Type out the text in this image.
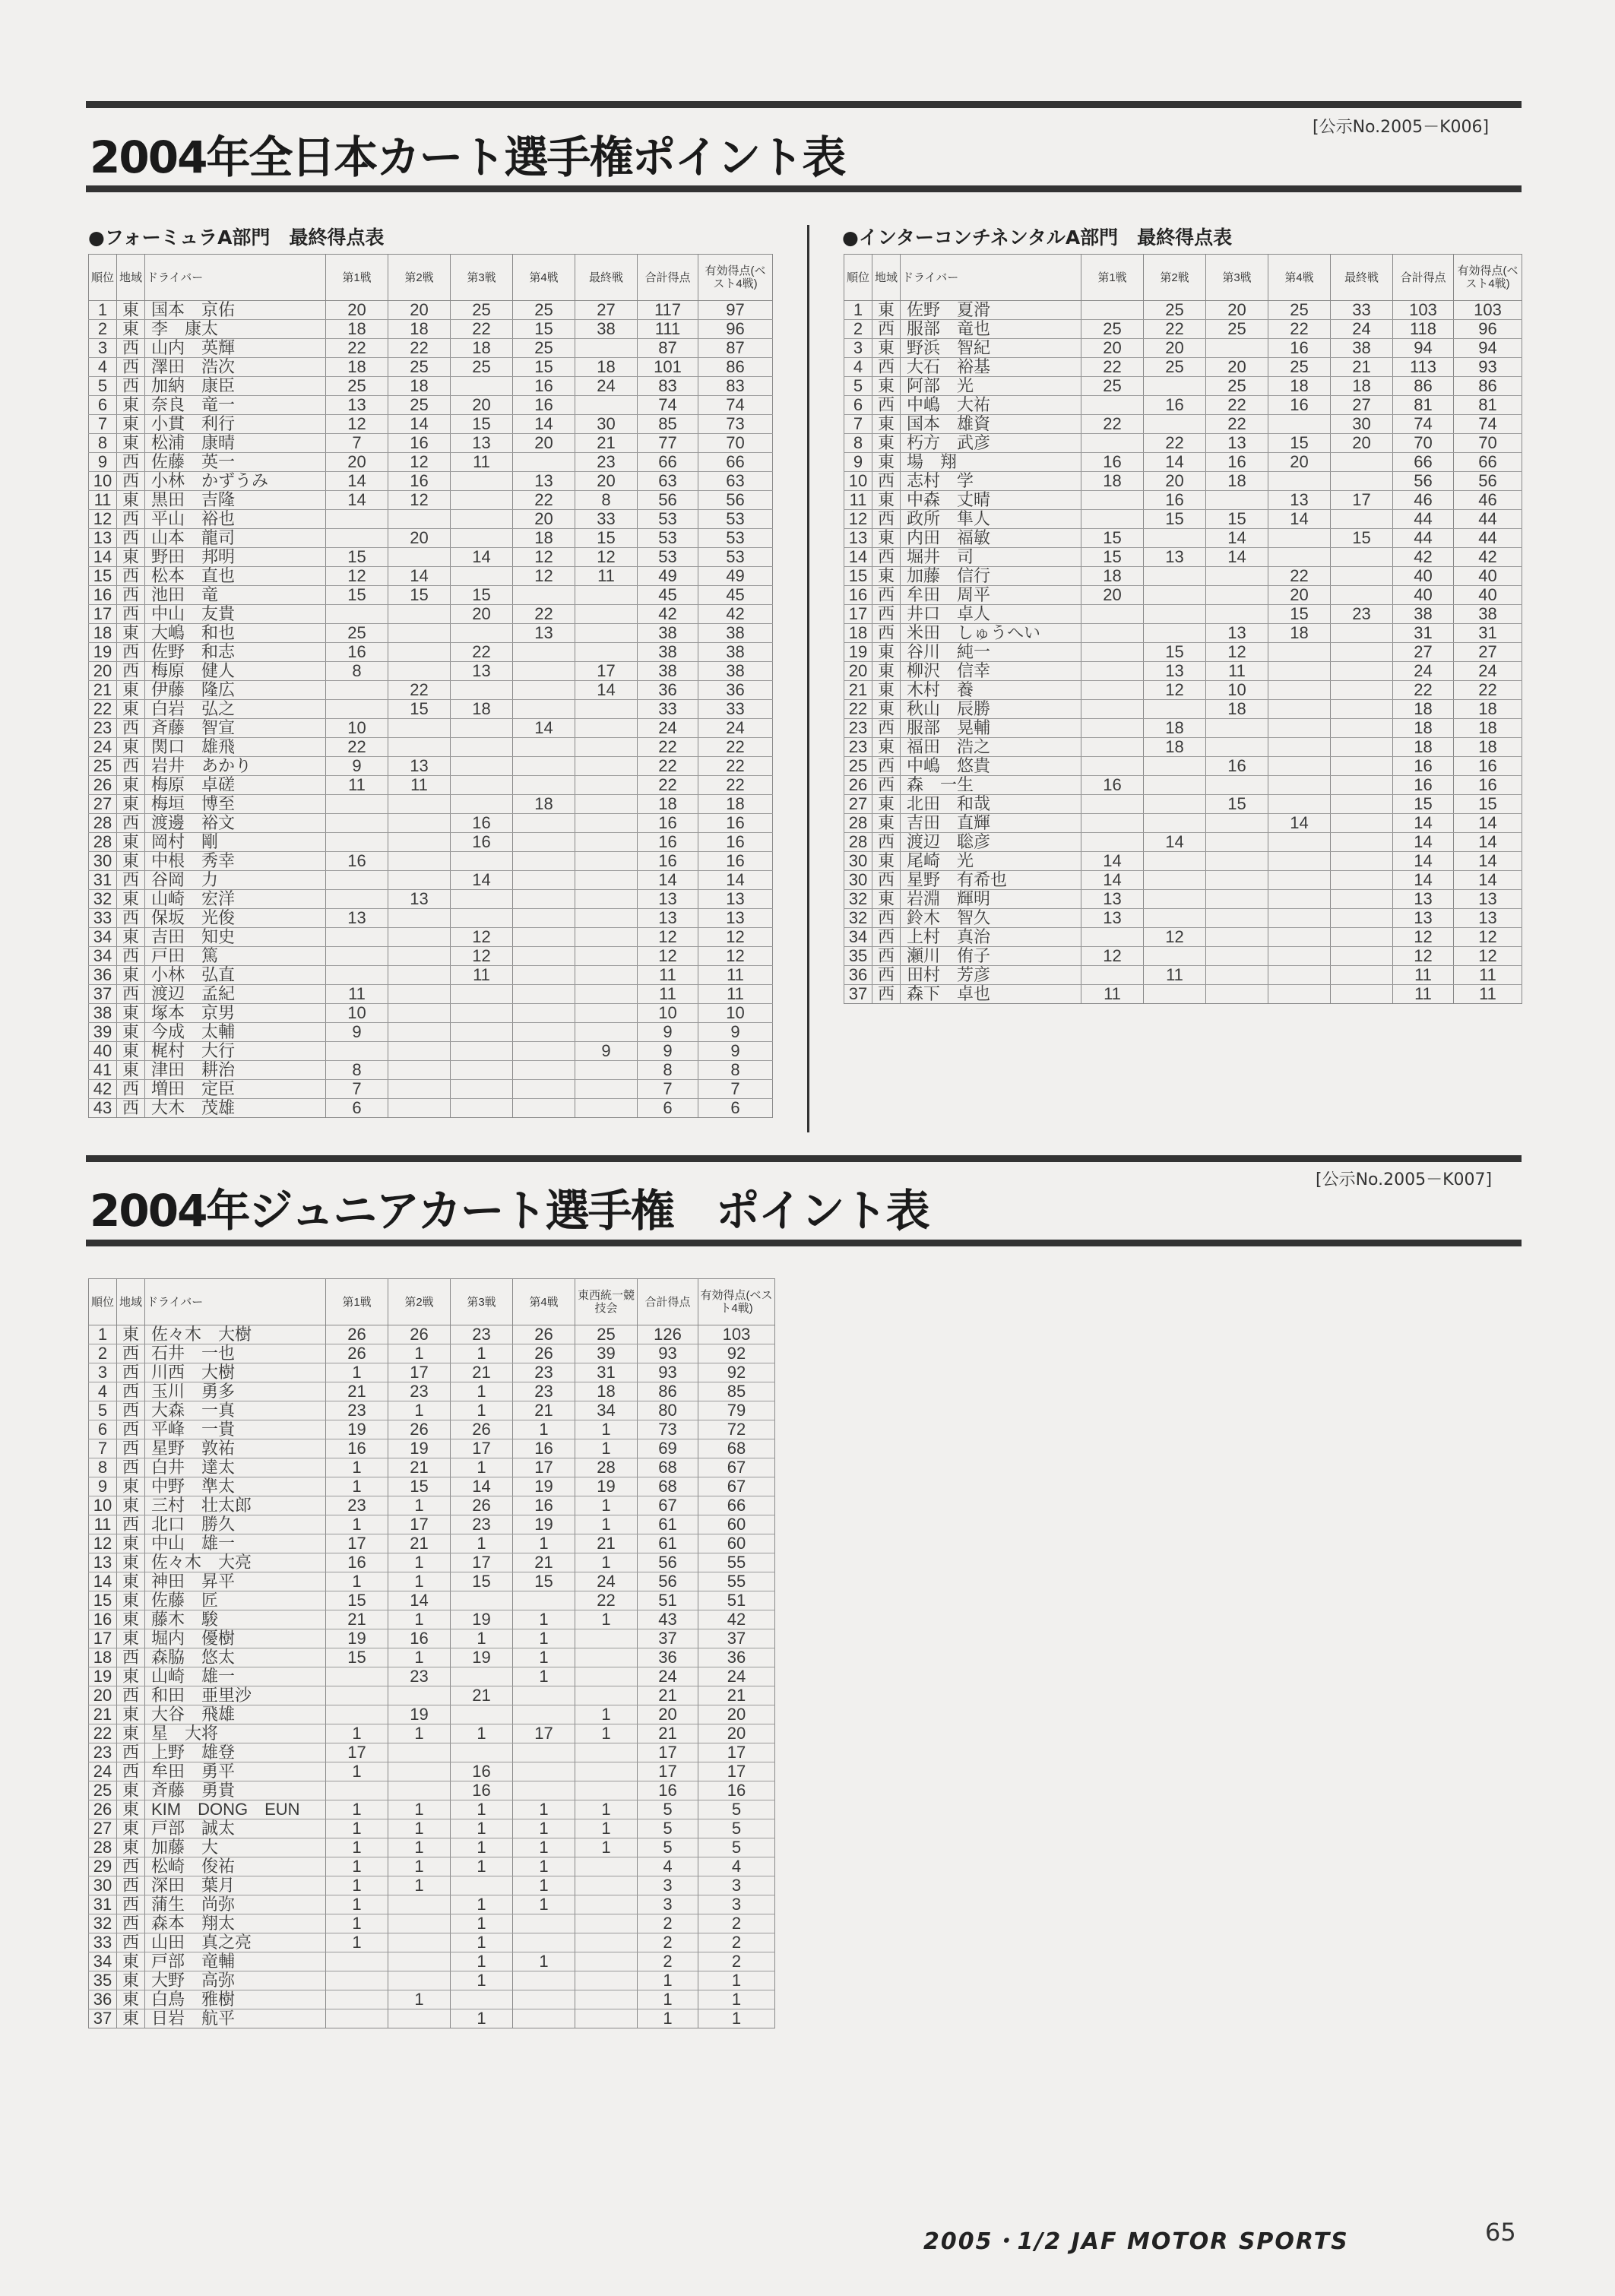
2004年全日本カート選手権ポイント表
[公示No.2005－K006]
●フォーミュラA部門　最終得点表	●インターコンチネンタルA部門　最終得点表
順位	地域	ドライバー	第1戦	第2戦	第3戦	第4戦	最終戦	合計得点	有効得点(ベスト4戦)
1	東	国本　京佑	20	20	25	25	27	117	97
2	東	李　康太	18	18	22	15	38	111	96
3	西	山内　英輝	22	22	18	25		87	87
4	西	澤田　浩次	18	25	25	15	18	101	86
5	西	加納　康臣	25	18		16	24	83	83
6	東	奈良　竜一	13	25	20	16		74	74
7	東	小貫　利行	12	14	15	14	30	85	73
8	東	松浦　康晴	7	16	13	20	21	77	70
9	西	佐藤　英一	20	12	11		23	66	66
10	西	小林　かずうみ	14	16		13	20	63	63
11	東	黒田　吉隆	14	12		22	8	56	56
12	西	平山　裕也				20	33	53	53
13	西	山本　龍司		20		18	15	53	53
14	東	野田　邦明	15		14	12	12	53	53
15	西	松本　直也	12	14		12	11	49	49
16	西	池田　竜	15	15	15			45	45
17	西	中山　友貴			20	22		42	42
18	東	大嶋　和也	25			13		38	38
19	西	佐野　和志	16		22			38	38
20	西	梅原　健人	8		13		17	38	38
21	東	伊藤　隆広		22			14	36	36
22	東	白岩　弘之		15	18			33	33
23	西	斉藤　智宣	10			14		24	24
24	東	関口　雄飛	22					22	22
25	西	岩井　あかり	9	13				22	22
26	東	梅原　卓磋	11	11				22	22
27	東	梅垣　博至				18		18	18
28	西	渡邊　裕文			16			16	16
28	東	岡村　剛			16			16	16
30	東	中根　秀幸	16					16	16
31	西	谷岡　力			14			14	14
32	東	山崎　宏洋		13				13	13
33	西	保坂　光俊	13					13	13
34	東	吉田　知史			12			12	12
34	西	戸田　篤			12			12	12
36	東	小林　弘直			11			11	11
37	西	渡辺　孟紀	11					11	11
38	東	塚本　京男	10					10	10
39	東	今成　太輔	9					9	9
40	東	梶村　大行					9	9	9
41	東	津田　耕治	8					8	8
42	西	増田　定臣	7					7	7
43	西	大木　茂雄	6					6	6
順位	地域	ドライバー	第1戦	第2戦	第3戦	第4戦	最終戦	合計得点	有効得点(ベスト4戦)
1	東	佐野　夏滑		25	20	25	33	103	103
2	西	服部　竜也	25	22	25	22	24	118	96
3	東	野浜　智紀	20	20		16	38	94	94
4	西	大石　裕基	22	25	20	25	21	113	93
5	東	阿部　光	25		25	18	18	86	86
6	西	中嶋　大祐		16	22	16	27	81	81
7	東	国本　雄資	22		22		30	74	74
8	東	朽方　武彦		22	13	15	20	70	70
9	東	場　翔	16	14	16	20		66	66
10	西	志村　学	18	20	18			56	56
11	東	中森　丈晴		16		13	17	46	46
12	西	政所　隼人		15	15	14		44	44
13	東	内田　福敏	15		14		15	44	44
14	西	堀井　司	15	13	14			42	42
15	東	加藤　信行	18			22		40	40
16	西	牟田　周平	20			20		40	40
17	西	井口　卓人				15	23	38	38
18	西	米田　しゅうへい			13	18		31	31
19	東	谷川　純一		15	12			27	27
20	東	柳沢　信幸		13	11			24	24
21	東	木村　養		12	10			22	22
22	東	秋山　辰勝			18			18	18
23	西	服部　晃輔		18				18	18
23	東	福田　浩之		18				18	18
25	西	中嶋　悠貴			16			16	16
26	西	森　一生	16					16	16
27	東	北田　和哉			15			15	15
28	東	吉田　直輝				14		14	14
28	西	渡辺　聡彦		14				14	14
30	東	尾崎　光	14					14	14
30	西	星野　有希也	14					14	14
32	東	岩淵　輝明	13					13	13
32	西	鈴木　智久	13					13	13
34	西	上村　真治		12				12	12
35	西	瀬川　侑子	12					12	12
36	西	田村　芳彦		11				11	11
37	西	森下　卓也	11					11	11
2004年ジュニアカート選手権　ポイント表
[公示No.2005－K007]
順位	地域	ドライバー	第1戦	第2戦	第3戦	第4戦	東西統一競技会	合計得点	有効得点(ベスト4戦)
1	東	佐々木　大樹	26	26	23	26	25	126	103
2	西	石井　一也	26	1	1	26	39	93	92
3	西	川西　大樹	1	17	21	23	31	93	92
4	西	玉川　勇多	21	23	1	23	18	86	85
5	西	大森　一真	23	1	1	21	34	80	79
6	西	平峰　一貴	19	26	26	1	1	73	72
7	西	星野　敦祐	16	19	17	16	1	69	68
8	西	白井　達太	1	21	1	17	28	68	67
9	東	中野　準太	1	15	14	19	19	68	67
10	東	三村　壮太郎	23	1	26	16	1	67	66
11	西	北口　勝久	1	17	23	19	1	61	60
12	東	中山　雄一	17	21	1	1	21	61	60
13	東	佐々木　大亮	16	1	17	21	1	56	55
14	東	神田　昇平	1	1	15	15	24	56	55
15	東	佐藤　匠	15	14			22	51	51
16	東	藤木　駿	21	1	19	1	1	43	42
17	東	堀内　優樹	19	16	1	1		37	37
18	西	森脇　悠太	15	1	19	1		36	36
19	東	山崎　雄一		23		1		24	24
20	西	和田　亜里沙			21			21	21
21	東	大谷　飛雄		19			1	20	20
22	東	星　大将	1	1	1	17	1	21	20
23	西	上野　雄登	17					17	17
24	西	牟田　勇平	1		16			17	17
25	東	斉藤　勇貴			16			16	16
26	東	KIM　DONG　EUN	1	1	1	1	1	5	5
27	東	戸部　誠太	1	1	1	1	1	5	5
28	東	加藤　大	1	1	1	1	1	5	5
29	西	松崎　俊祐	1	1	1	1		4	4
30	西	深田　葉月	1	1		1		3	3
31	西	蒲生　尚弥	1		1	1		3	3
32	西	森本　翔太	1		1			2	2
33	西	山田　真之亮	1		1			2	2
34	東	戸部　竜輔			1	1		2	2
35	東	大野　高弥			1			1	1
36	東	白鳥　雅樹		1				1	1
37	東	日岩　航平			1			1	1
2005・1/2 JAF MOTOR SPORTS	65
